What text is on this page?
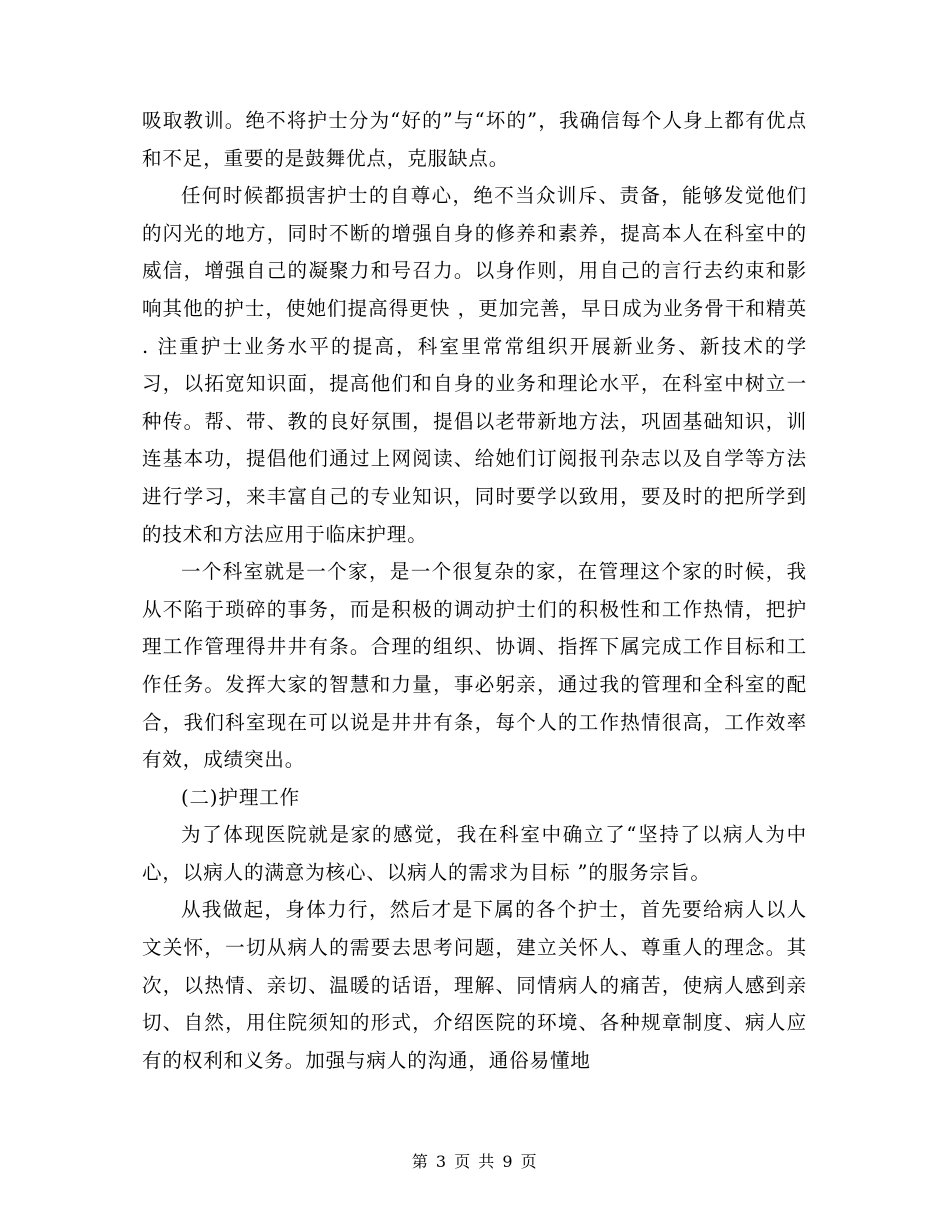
吸取教训。绝不将护士分为“好的”与“坏的”，我确信每个人身上都有优点和不足，重要的是鼓舞优点，克服缺点。

任何时候都损害护士的自尊心，绝不当众训斥、责备，能够发觉他们的闪光的地方，同时不断的增强自身的修养和素养，提高本人在科室中的威信，增强自己的凝聚力和号召力。以身作则，用自己的言行去约束和影响其他的护士，使她们提高得更快 ，更加完善，早日成为业务骨干和精英 . 注重护士业务水平的提高，科室里常常组织开展新业务、新技术的学习，以拓宽知识面，提高他们和自身的业务和理论水平，在科室中树立一种传。帮、带、教的良好氛围，提倡以老带新地方法，巩固基础知识，训连基本功，提倡他们通过上网阅读、给她们订阅报刊杂志以及自学等方法进行学习，来丰富自己的专业知识，同时要学以致用，要及时的把所学到的技术和方法应用于临床护理。

一个科室就是一个家，是一个很复杂的家，在管理这个家的时候，我从不陷于琐碎的事务，而是积极的调动护士们的积极性和工作热情，把护理工作管理得井井有条。合理的组织、协调、指挥下属完成工作目标和工作任务。发挥大家的智慧和力量，事必躬亲，通过我的管理和全科室的配合，我们科室现在可以说是井井有条，每个人的工作热情很高，工作效率有效，成绩突出。

(二)护理工作

为了体现医院就是家的感觉，我在科室中确立了“坚持了以病人为中心，以病人的满意为核心、以病人的需求为目标 ”的服务宗旨。

从我做起，身体力行，然后才是下属的各个护士，首先要给病人以人文关怀，一切从病人的需要去思考问题，建立关怀人、尊重人的理念。其次，以热情、亲切、温暖的话语，理解、同情病人的痛苦，使病人感到亲切、自然，用住院须知的形式，介绍医院的环境、各种规章制度、病人应有的权利和义务。加强与病人的沟通，通俗易懂地

第 3 页 共 9 页
